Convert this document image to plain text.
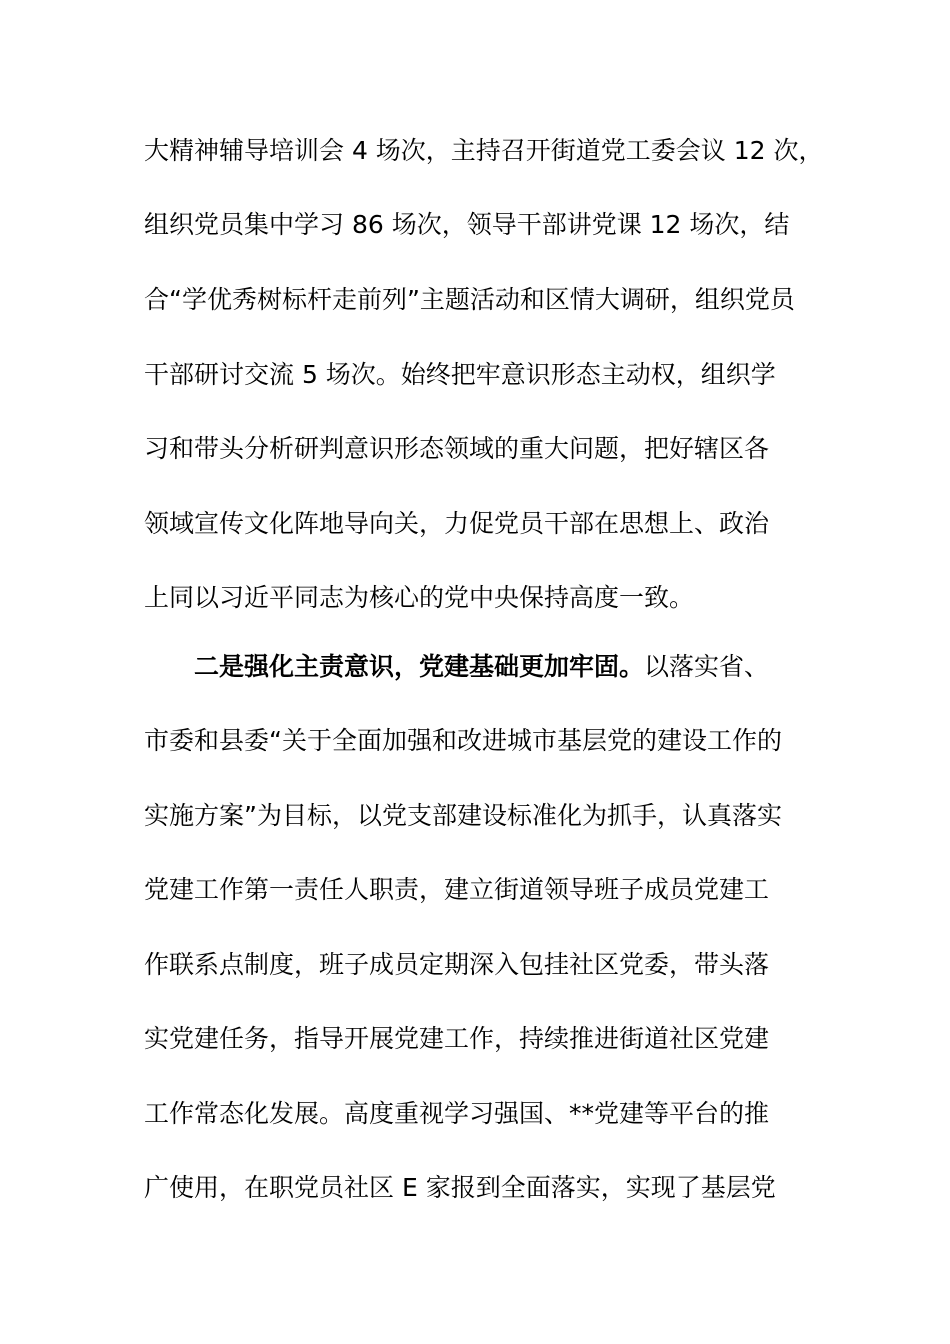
大精神辅导培训会 4 场次，主持召开街道党工委会议 12 次，
组织党员集中学习 86 场次，领导干部讲党课 12 场次，结
合“学优秀树标杆走前列”主题活动和区情大调研，组织党员
干部研讨交流 5 场次。始终把牢意识形态主动权，组织学
习和带头分析研判意识形态领域的重大问题，把好辖区各
领域宣传文化阵地导向关，力促党员干部在思想上、政治
上同以习近平同志为核心的党中央保持高度一致。
二是强化主责意识，党建基础更加牢固。以落实省、
市委和县委“关于全面加强和改进城市基层党的建设工作的
实施方案”为目标，以党支部建设标准化为抓手，认真落实
党建工作第一责任人职责，建立街道领导班子成员党建工
作联系点制度，班子成员定期深入包挂社区党委，带头落
实党建任务，指导开展党建工作，持续推进街道社区党建
工作常态化发展。高度重视学习强国、**党建等平台的推
广使用，在职党员社区 E 家报到全面落实，实现了基层党
